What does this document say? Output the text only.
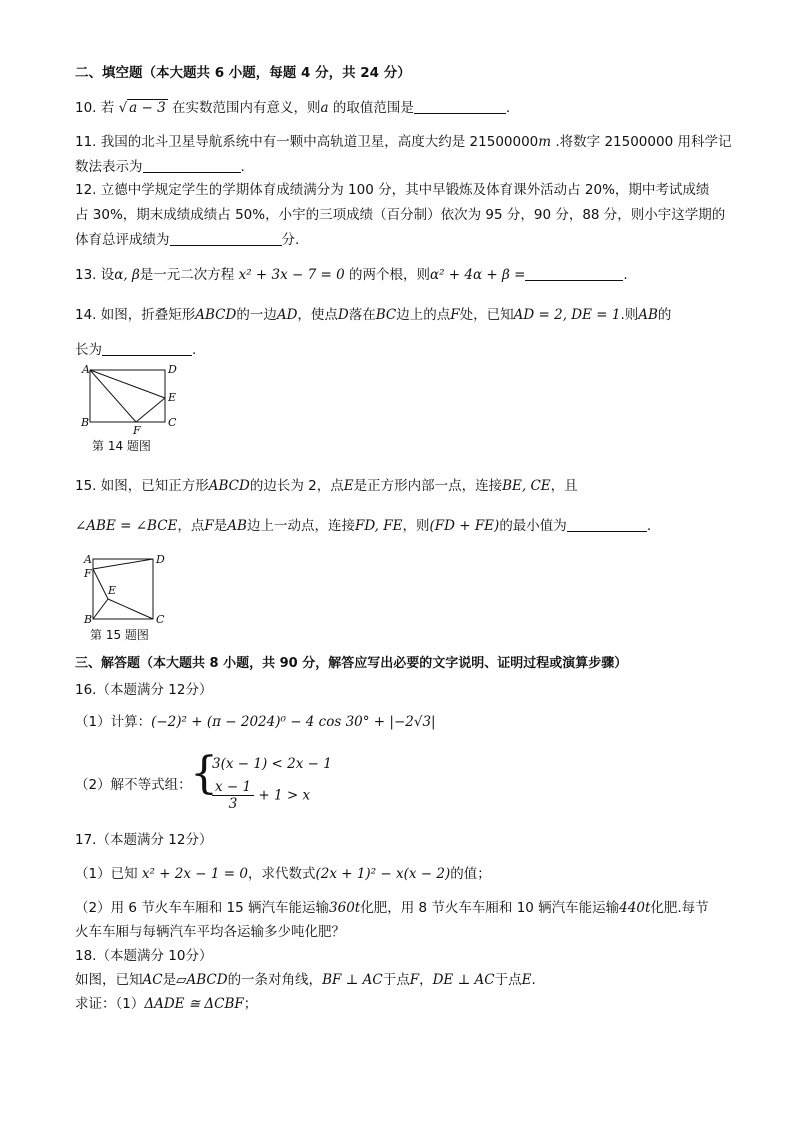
二、填空题（本大题共 6 小题，每题 4 分，共 24 分）
10. 若 √ a − 3 在实数范围内有意义，则a 的取值范围是	.
11. 我国的北斗卫星导航系统中有一颗中高轨道卫星，高度大约是 21500000m .将数字 21500000 用科学记
数法表示为	.
12. 立德中学规定学生的学期体育成绩满分为 100 分，其中早锻炼及体育课外活动占 20%，期中考试成绩
占 30%，期末成绩成绩占 50%，小宇的三项成绩（百分制）依次为 95 分，90 分，88 分，则小宇这学期的
体育总评成绩为	分.
13. 设α, β是一元二次方程 x² + 3x − 7 = 0 的两个根，则α² + 4α + β =	.
14. 如图，折叠矩形ABCD的一边AD，使点D落在BC边上的点F处，已知AD = 2, DE = 1.则AB的
长为	.
A	D
E
B
F
C
第 14 题图
15. 如图，已知正方形ABCD的边长为 2，点E是正方形内部一点，连接BE, CE，且
∠ABE = ∠BCE，点F是AB边上一动点，连接FD, FE，则(FD + FE)的最小值为	.
A	D
F
E
B	C
第 15 题图
三、解答题（本大题共 8 小题，共 90 分，解答应写出必要的文字说明、证明过程或演算步骤）
16.（本题满分 12分）
（1）计算：(−2)² + (π − 2024)⁰ − 4 cos 30° + |−2√3|
（2）解不等式组：
{
3(x − 1) < 2x − 1
$\frac{x - 1}{3} + 1 > x$
17.（本题满分 12分）
（1）已知 x² + 2x − 1 = 0，求代数式(2x + 1)² − x(x − 2)的值；
（2）用 6 节火车车厢和 15 辆汽车能运输360t化肥，用 8 节火车车厢和 10 辆汽车能运输440t化肥.每节
火车车厢与每辆汽车平均各运输多少吨化肥？
18.（本题满分 10分）
如图，已知AC是▱ABCD的一条对角线，BF ⊥ AC于点F，DE ⊥ AC于点E.
求证：（1）ΔADE ≅ ΔCBF；
